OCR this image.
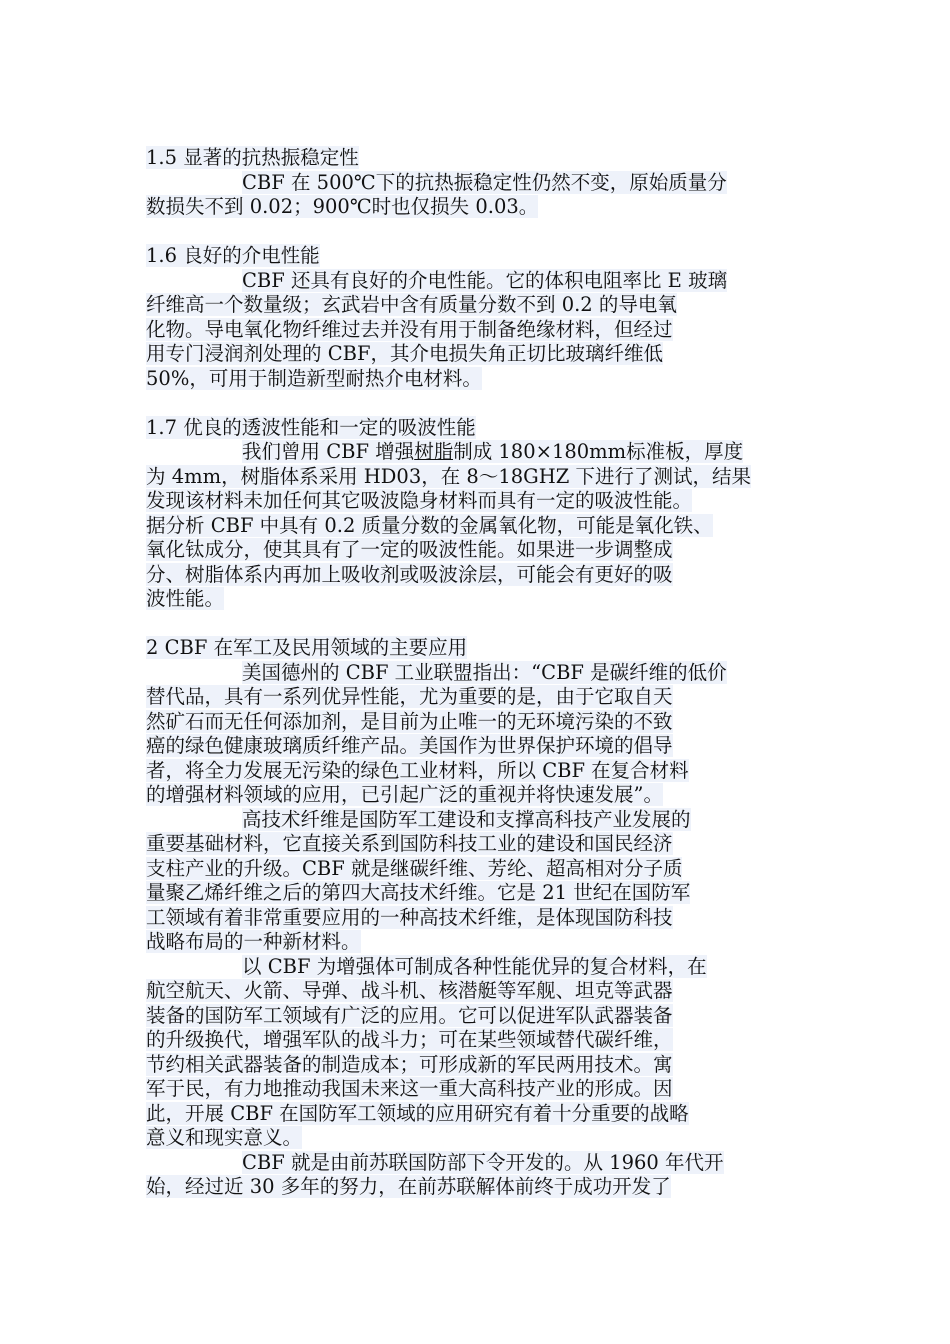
1.5 显著的抗热振稳定性
CBF 在 500℃下的抗热振稳定性仍然不变，原始质量分
数损失不到 0.02；900℃时也仅损失 0.03。
1.6 良好的介电性能
CBF 还具有良好的介电性能。它的体积电阻率比 E 玻璃
纤维高一个数量级；玄武岩中含有质量分数不到 0.2 的导电氧
化物。导电氧化物纤维过去并没有用于制备绝缘材料，但经过
用专门浸润剂处理的 CBF，其介电损失角正切比玻璃纤维低
50%，可用于制造新型耐热介电材料。
1.7 优良的透波性能和一定的吸波性能
我们曾用 CBF 增强树脂制成 180×180mm标准板，厚度
为 4mm，树脂体系采用 HD03，在 8～18GHZ 下进行了测试，结果
发现该材料未加任何其它吸波隐身材料而具有一定的吸波性能。
据分析 CBF 中具有 0.2 质量分数的金属氧化物，可能是氧化铁、
氧化钛成分，使其具有了一定的吸波性能。如果进一步调整成
分、树脂体系内再加上吸收剂或吸波涂层，可能会有更好的吸
波性能。
2 CBF 在军工及民用领域的主要应用
美国德州的 CBF 工业联盟指出：“CBF 是碳纤维的低价
替代品，具有一系列优异性能，尤为重要的是，由于它取自天
然矿石而无任何添加剂，是目前为止唯一的无环境污染的不致
癌的绿色健康玻璃质纤维产品。美国作为世界保护环境的倡导
者，将全力发展无污染的绿色工业材料，所以 CBF 在复合材料
的增强材料领域的应用，已引起广泛的重视并将快速发展”。
高技术纤维是国防军工建设和支撑高科技产业发展的
重要基础材料，它直接关系到国防科技工业的建设和国民经济
支柱产业的升级。CBF 就是继碳纤维、芳纶、超高相对分子质
量聚乙烯纤维之后的第四大高技术纤维。它是 21 世纪在国防军
工领域有着非常重要应用的一种高技术纤维，是体现国防科技
战略布局的一种新材料。
以 CBF 为增强体可制成各种性能优异的复合材料，在
航空航天、火箭、导弹、战斗机、核潜艇等军舰、坦克等武器
装备的国防军工领域有广泛的应用。它可以促进军队武器装备
的升级换代，增强军队的战斗力；可在某些领域替代碳纤维，
节约相关武器装备的制造成本；可形成新的军民两用技术。寓
军于民，有力地推动我国未来这一重大高科技产业的形成。因
此，开展 CBF 在国防军工领域的应用研究有着十分重要的战略
意义和现实意义。
CBF 就是由前苏联国防部下令开发的。从 1960 年代开
始，经过近 30 多年的努力，在前苏联解体前终于成功开发了
